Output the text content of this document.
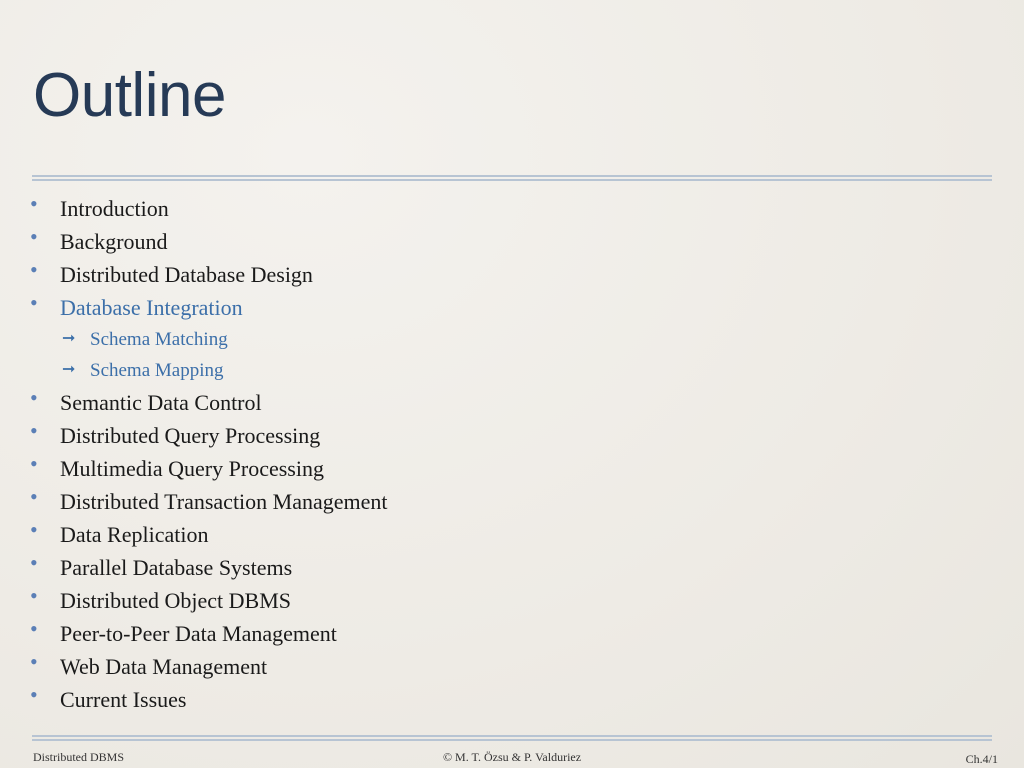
Outline
• Introduction
• Background
• Distributed Database Design
• Database Integration
➞ Schema Matching
➞ Schema Mapping
• Semantic Data Control
• Distributed Query Processing
• Multimedia Query Processing
• Distributed Transaction Management
• Data Replication
• Parallel Database Systems
• Distributed Object DBMS
• Peer-to-Peer Data Management
• Web Data Management
• Current Issues
Distributed DBMS	© M. T. Özsu & P. Valduriez	Ch.4/1
